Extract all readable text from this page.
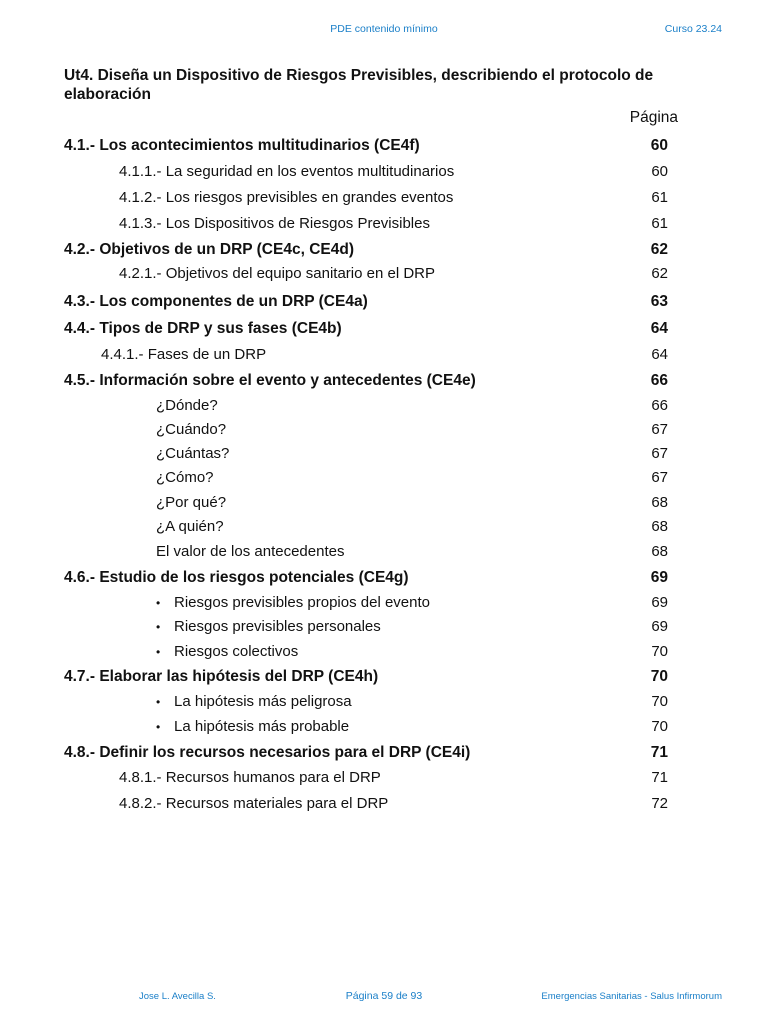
PDE contenido mínimo	Curso 23.24
Ut4. Diseña un Dispositivo de Riesgos Previsibles, describiendo el protocolo de elaboración
Página
4.1.- Los acontecimientos multitudinarios (CE4f)	60
4.1.1.- La seguridad en los eventos multitudinarios	60
4.1.2.- Los riesgos previsibles en grandes eventos	61
4.1.3.- Los Dispositivos de Riesgos Previsibles	61
4.2.- Objetivos de un DRP (CE4c, CE4d)	62
4.2.1.- Objetivos del equipo sanitario en el DRP	62
4.3.- Los componentes de un DRP (CE4a)	63
4.4.- Tipos de DRP y sus fases (CE4b)	64
4.4.1.- Fases de un DRP	64
4.5.- Información sobre el evento y antecedentes (CE4e)	66
¿Dónde?	66
¿Cuándo?	67
¿Cuántas?	67
¿Cómo?	67
¿Por qué?	68
¿A quién?	68
El valor de los antecedentes	68
4.6.- Estudio de los riesgos potenciales (CE4g)	69
• Riesgos previsibles propios del evento	69
• Riesgos previsibles personales	69
• Riesgos colectivos	70
4.7.- Elaborar las hipótesis del DRP (CE4h)	70
• La hipótesis más peligrosa	70
• La hipótesis más probable	70
4.8.- Definir los recursos necesarios para el DRP (CE4i)	71
4.8.1.- Recursos humanos para el DRP	71
4.8.2.- Recursos materiales para el DRP	72
Jose L. Avecilla S.	Página 59 de 93	Emergencias Sanitarias - Salus Infirmorum
